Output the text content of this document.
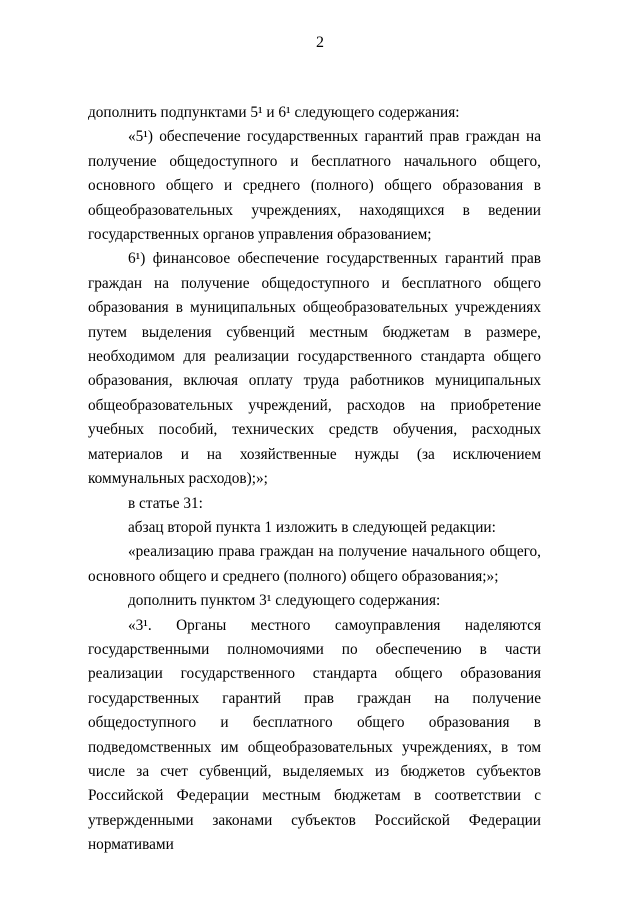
2

дополнить подпунктами 5¹ и 6¹ следующего содержания:

«5¹) обеспечение государственных гарантий прав граждан на получение общедоступного и бесплатного начального общего, основного общего и среднего (полного) общего образования в общеобразовательных учреждениях, находящихся в ведении государственных органов управления образованием;

6¹) финансовое обеспечение государственных гарантий прав граждан на получение общедоступного и бесплатного общего образования в муниципальных общеобразовательных учреждениях путем выделения субвенций местным бюджетам в размере, необходимом для реализации государственного стандарта общего образования, включая оплату труда работников муниципальных общеобразовательных учреждений, расходов на приобретение учебных пособий, технических средств обучения, расходных материалов и на хозяйственные нужды (за исключением коммунальных расходов);»;

в статье 31:

абзац второй пункта 1 изложить в следующей редакции:

«реализацию права граждан на получение начального общего, основного общего и среднего (полного) общего образования;»;

дополнить пунктом 3¹ следующего содержания:

«3¹. Органы местного самоуправления наделяются государственными полномочиями по обеспечению в части реализации государственного стандарта общего образования государственных гарантий прав граждан на получение общедоступного и бесплатного общего образования в подведомственных им общеобразовательных учреждениях, в том числе за счет субвенций, выделяемых из бюджетов субъектов Российской Федерации местным бюджетам в соответствии с утвержденными законами субъектов Российской Федерации нормативами
